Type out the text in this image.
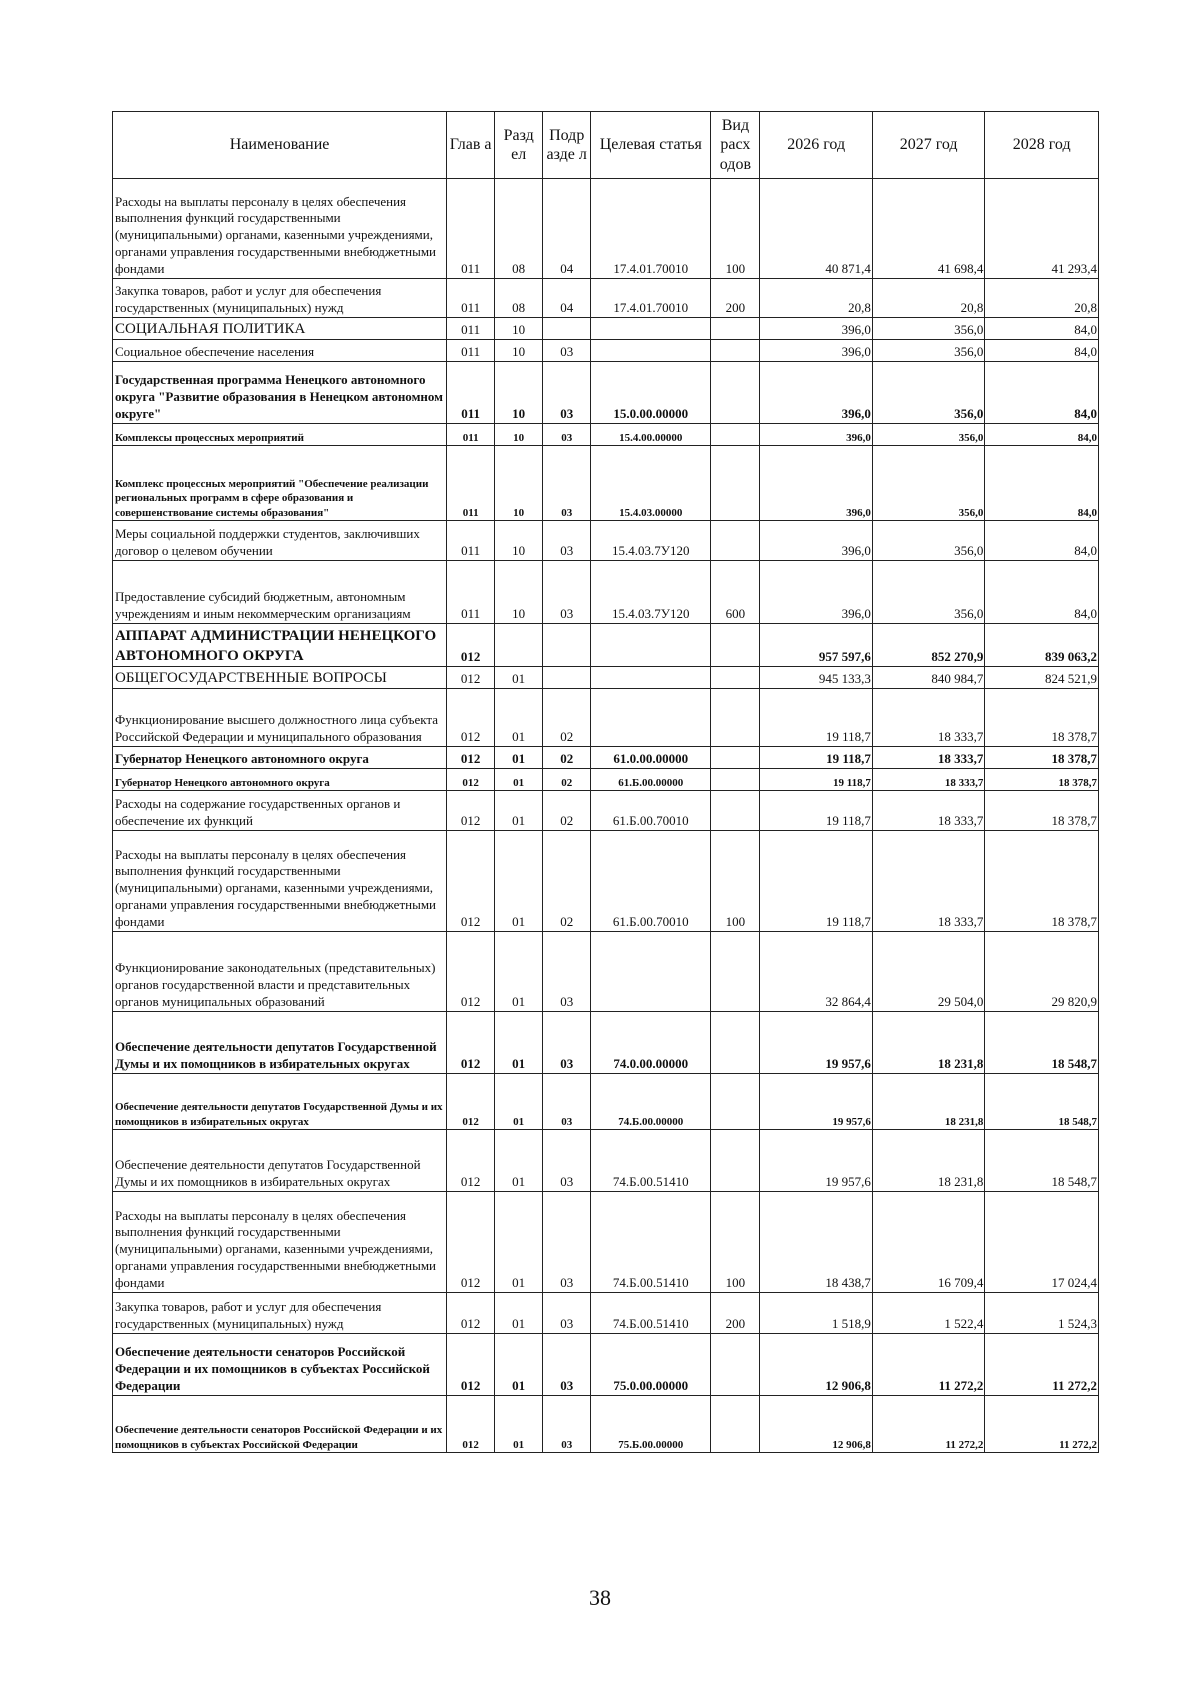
Наименование	Глав а	Разд ел	Подр азде л	Целевая статья	Вид расх одов	2026 год	2027 год	2028 год
Расходы на выплаты персоналу в целях обеспечения выполнения функций государственными (муниципальными) органами, казенными учреждениями, органами управления государственными внебюджетными фондами	011	08	04	17.4.01.70010	100	40 871,4	41 698,4	41 293,4
Закупка товаров, работ и услуг для обеспечения государственных (муниципальных) нужд	011	08	04	17.4.01.70010	200	20,8	20,8	20,8
СОЦИАЛЬНАЯ ПОЛИТИКА	011	10				396,0	356,0	84,0
Социальное обеспечение населения	011	10	03			396,0	356,0	84,0
Государственная программа Ненецкого автономного округа "Развитие образования в Ненецком автономном округе"	011	10	03	15.0.00.00000		396,0	356,0	84,0
Комплексы процессных мероприятий	011	10	03	15.4.00.00000		396,0	356,0	84,0
Комплекс процессных мероприятий "Обеспечение реализации региональных программ в сфере образования и совершенствование системы образования"	011	10	03	15.4.03.00000		396,0	356,0	84,0
Меры социальной поддержки студентов, заключивших договор о целевом обучении	011	10	03	15.4.03.7У120		396,0	356,0	84,0
Предоставление субсидий бюджетным, автономным учреждениям и иным некоммерческим организациям	011	10	03	15.4.03.7У120	600	396,0	356,0	84,0
АППАРАТ АДМИНИСТРАЦИИ НЕНЕЦКОГО АВТОНОМНОГО ОКРУГА	012					957 597,6	852 270,9	839 063,2
ОБЩЕГОСУДАРСТВЕННЫЕ ВОПРОСЫ	012	01				945 133,3	840 984,7	824 521,9
Функционирование высшего должностного лица субъекта Российской Федерации и муниципального образования	012	01	02			19 118,7	18 333,7	18 378,7
Губернатор Ненецкого автономного округа	012	01	02	61.0.00.00000		19 118,7	18 333,7	18 378,7
Губернатор Ненецкого автономного округа	012	01	02	61.Б.00.00000		19 118,7	18 333,7	18 378,7
Расходы на содержание государственных органов и обеспечение их функций	012	01	02	61.Б.00.70010		19 118,7	18 333,7	18 378,7
Расходы на выплаты персоналу в целях обеспечения выполнения функций государственными (муниципальными) органами, казенными учреждениями, органами управления государственными внебюджетными фондами	012	01	02	61.Б.00.70010	100	19 118,7	18 333,7	18 378,7
Функционирование законодательных (представительных) органов государственной власти и представительных органов муниципальных образований	012	01	03			32 864,4	29 504,0	29 820,9
Обеспечение деятельности депутатов Государственной Думы и их помощников в избирательных округах	012	01	03	74.0.00.00000		19 957,6	18 231,8	18 548,7
Обеспечение деятельности депутатов Государственной Думы и их помощников в избирательных округах	012	01	03	74.Б.00.00000		19 957,6	18 231,8	18 548,7
Обеспечение деятельности депутатов Государственной Думы и их помощников в избирательных округах	012	01	03	74.Б.00.51410		19 957,6	18 231,8	18 548,7
Расходы на выплаты персоналу в целях обеспечения выполнения функций государственными (муниципальными) органами, казенными учреждениями, органами управления государственными внебюджетными фондами	012	01	03	74.Б.00.51410	100	18 438,7	16 709,4	17 024,4
Закупка товаров, работ и услуг для обеспечения государственных (муниципальных) нужд	012	01	03	74.Б.00.51410	200	1 518,9	1 522,4	1 524,3
Обеспечение деятельности сенаторов Российской Федерации и их помощников в субъектах Российской Федерации	012	01	03	75.0.00.00000		12 906,8	11 272,2	11 272,2
Обеспечение деятельности сенаторов Российской Федерации и их помощников в субъектах Российской Федерации	012	01	03	75.Б.00.00000		12 906,8	11 272,2	11 272,2
38
